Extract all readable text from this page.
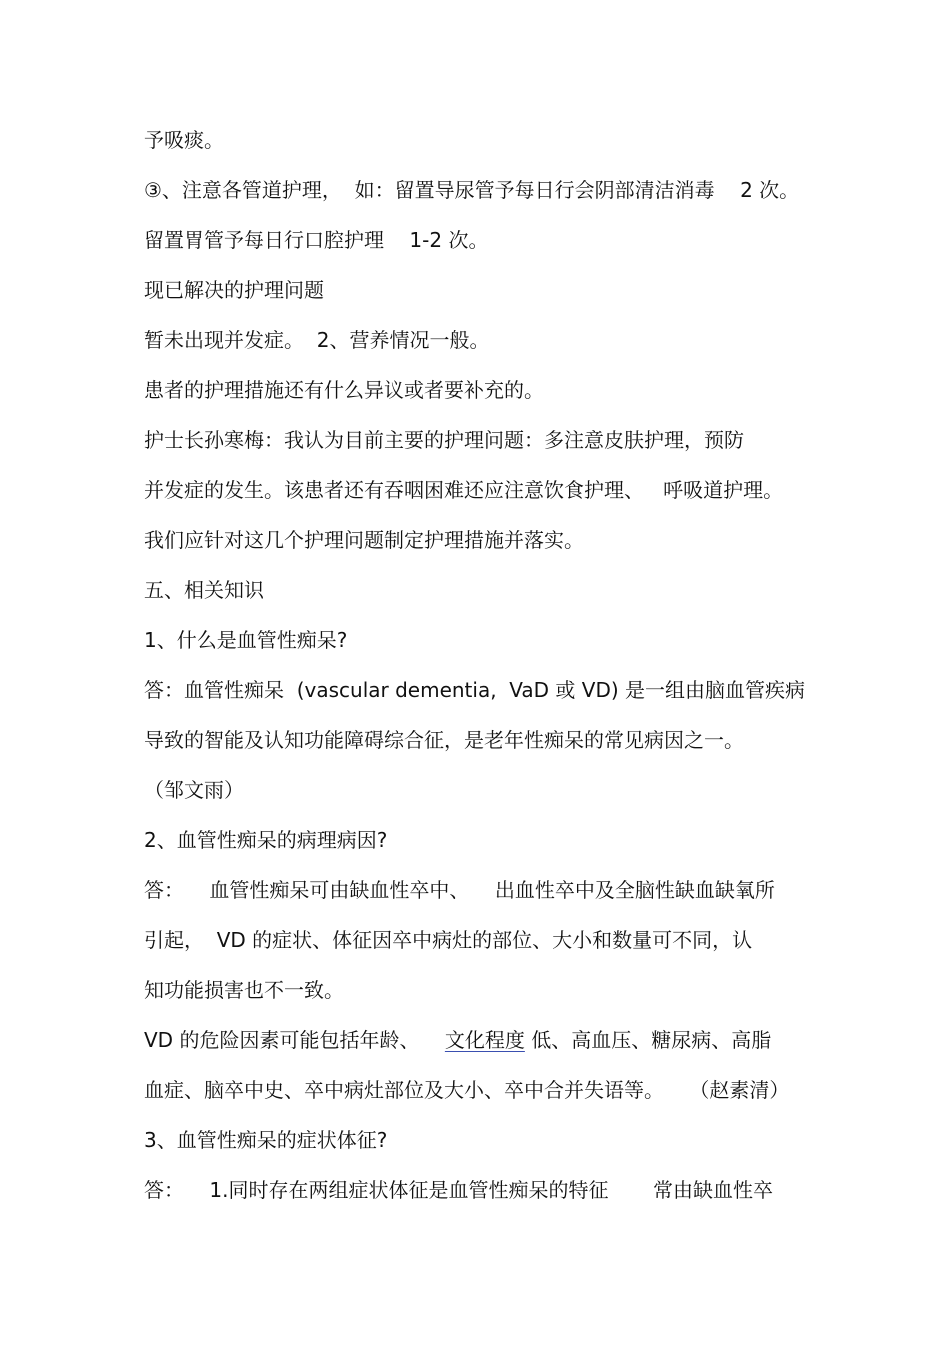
予吸痰。
③、注意各管道护理，  如：留置导尿管予每日行会阴部清洁消毒    2 次。
留置胃管予每日行口腔护理    1-2 次。
现已解决的护理问题
暂未出现并发症。  2、营养情况一般。
患者的护理措施还有什么异议或者要补充的。
护士长孙寒梅：我认为目前主要的护理问题：多注意皮肤护理，预防
并发症的发生。该患者还有吞咽困难还应注意饮食护理、   呼吸道护理。
我们应针对这几个护理问题制定护理措施并落实。
五、相关知识
1、什么是血管性痴呆?
答：血管性痴呆  (vascular dementia,  VaD 或 VD) 是一组由脑血管疾病
导致的智能及认知功能障碍综合征，是老年性痴呆的常见病因之一。
（邹文雨）
2、血管性痴呆的病理病因?
答：    血管性痴呆可由缺血性卒中、    出血性卒中及全脑性缺血缺氧所
引起，  VD 的症状、体征因卒中病灶的部位、大小和数量可不同，认
知功能损害也不一致。
VD 的危险因素可能包括年龄、    文化程度 低、高血压、糖尿病、高脂
血症、脑卒中史、卒中病灶部位及大小、卒中合并失语等。    （赵素清）
3、血管性痴呆的症状体征?
答：    1.同时存在两组症状体征是血管性痴呆的特征       常由缺血性卒
